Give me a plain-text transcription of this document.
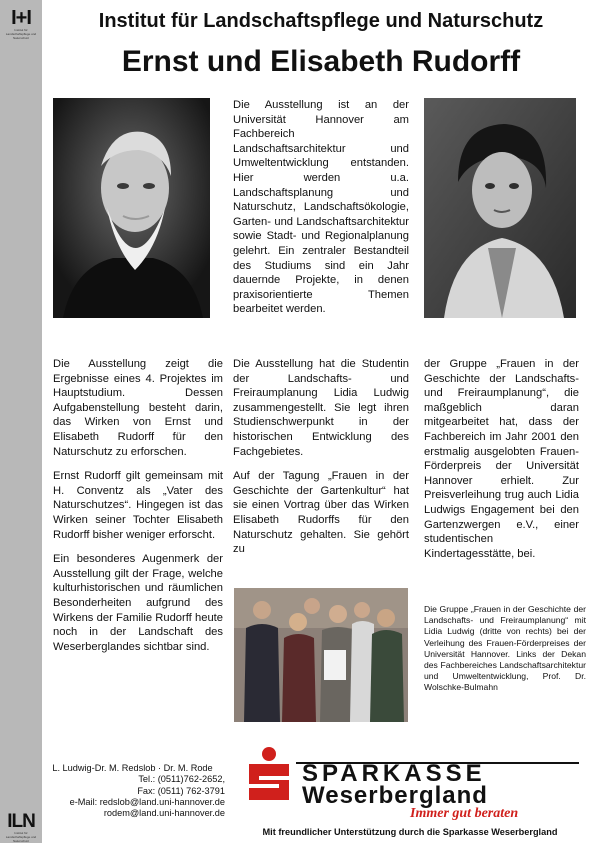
I+I
Institut für Landschaftspflege und Naturschutz
ILN
Institut für Landschaftspflege und Naturschutz
Institut für Landschaftspflege und Naturschutz
Ernst und Elisabeth Rudorff
Die Ausstellung ist an der Universität Hannover am Fachbereich Landschaftsarchitektur und Umweltentwicklung entstanden. Hier werden u.a. Landschaftsplanung und Naturschutz, Landschaftsökologie, Garten- und Landschaftsarchitektur sowie Stadt- und Regionalplanung gelehrt. Ein zentraler Bestandteil des Studiums sind ein Jahr dauernde Projekte, in denen praxisorientierte Themen bearbeitet werden.

Die Ausstellung zeigt die Ergebnisse eines 4. Projektes im Hauptstudium. Dessen Aufgabenstellung besteht darin, das Wirken von Ernst und Elisabeth Rudorff für den Naturschutz zu erforschen.

Ernst Rudorff gilt gemeinsam mit H. Conventz als „Vater des Naturschutzes“. Hingegen ist das Wirken seiner Tochter Elisabeth Rudorff bisher weniger erforscht.

Ein besonderes Augenmerk der Ausstellung gilt der Frage, welche kulturhistorischen und räumlichen Besonderheiten aufgrund des Wirkens der Familie Rudorff heute noch in der Landschaft des Weserberglandes sichtbar sind.

Die Ausstellung hat die Studentin der Landschafts- und Freiraumplanung Lidia Ludwig zusammengestellt. Sie legt ihren Studienschwerpunkt in der historischen Entwicklung des Fachgebietes.

Auf der Tagung „Frauen in der Geschichte der Gartenkultur“ hat sie einen Vortrag über das Wirken Elisabeth Rudorffs für den Naturschutz gehalten. Sie gehört zu

der Gruppe „Frauen in der Geschichte der Landschafts- und Freiraumplanung“, die maßgeblich daran mitgearbeitet hat, dass der Fachbereich im Jahr 2001 den erstmalig ausgelobten Frauen-Förderpreis der Universität Hannover erhielt. Zur Preisverleihung trug auch Lidia Ludwigs Engagement bei den Gartenzwergen e.V., einer studentischen Kindertagesstätte, bei.

Die Gruppe „Frauen in der Geschichte der Landschafts- und Freiraumplanung“ mit Lidia Ludwig (dritte von rechts) bei der Verleihung des Frauen-Förderpreises der Universität Hannover. Links der Dekan des Fachbereiches Landschaftsarchitektur und Umweltentwicklung, Prof. Dr. Wolschke-Bulmahn
L. Ludwig-Dr. M. Redslob · Dr. M. Rode
Tel.: (0511)762-2652,
Fax: (0511) 762-3791
e-Mail: redslob@land.uni-hannover.de
rodem@land.uni-hannover.de
SPARKASSE
Weserbergland
Immer gut beraten
Mit freundlicher Unterstützung durch die Sparkasse Weserbergland
